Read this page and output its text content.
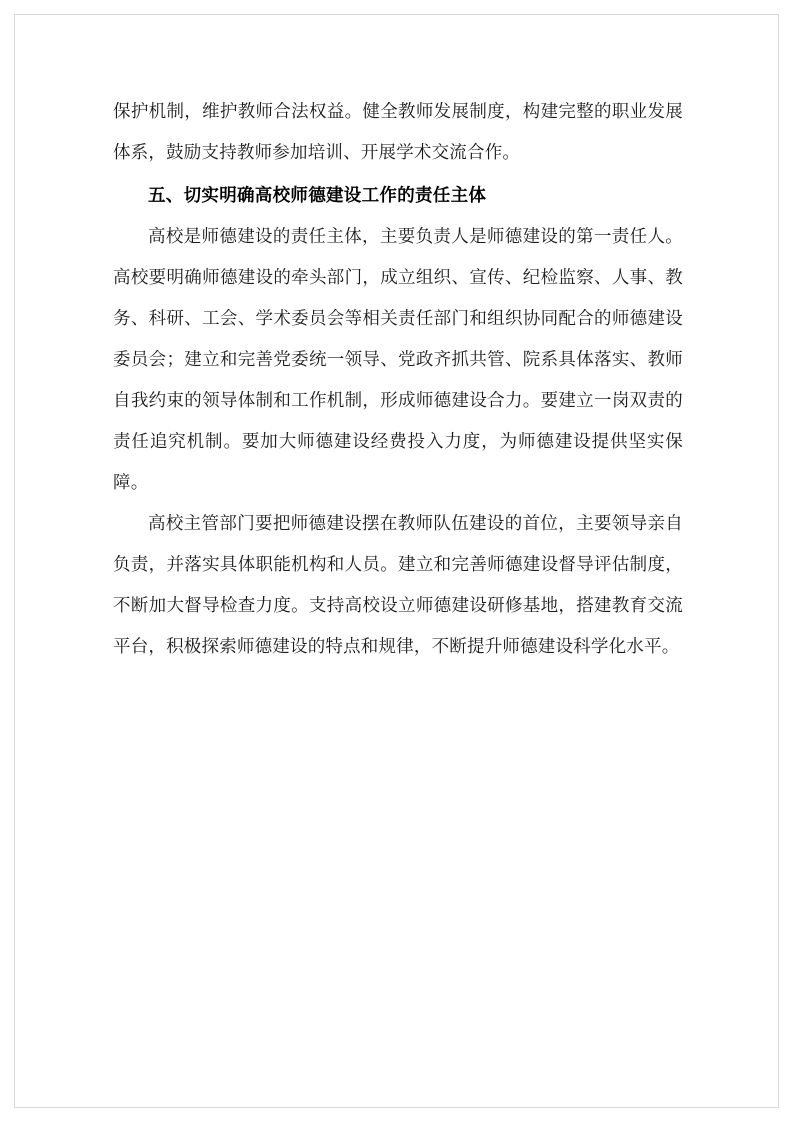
保护机制，维护教师合法权益。健全教师发展制度，构建完整的职业发展体系，鼓励支持教师参加培训、开展学术交流合作。

五、切实明确高校师德建设工作的责任主体

高校是师德建设的责任主体，主要负责人是师德建设的第一责任人。高校要明确师德建设的牵头部门，成立组织、宣传、纪检监察、人事、教务、科研、工会、学术委员会等相关责任部门和组织协同配合的师德建设委员会；建立和完善党委统一领导、党政齐抓共管、院系具体落实、教师自我约束的领导体制和工作机制，形成师德建设合力。要建立一岗双责的责任追究机制。要加大师德建设经费投入力度，为师德建设提供坚实保障。

高校主管部门要把师德建设摆在教师队伍建设的首位，主要领导亲自负责，并落实具体职能机构和人员。建立和完善师德建设督导评估制度，不断加大督导检查力度。支持高校设立师德建设研修基地，搭建教育交流平台，积极探索师德建设的特点和规律，不断提升师德建设科学化水平。
